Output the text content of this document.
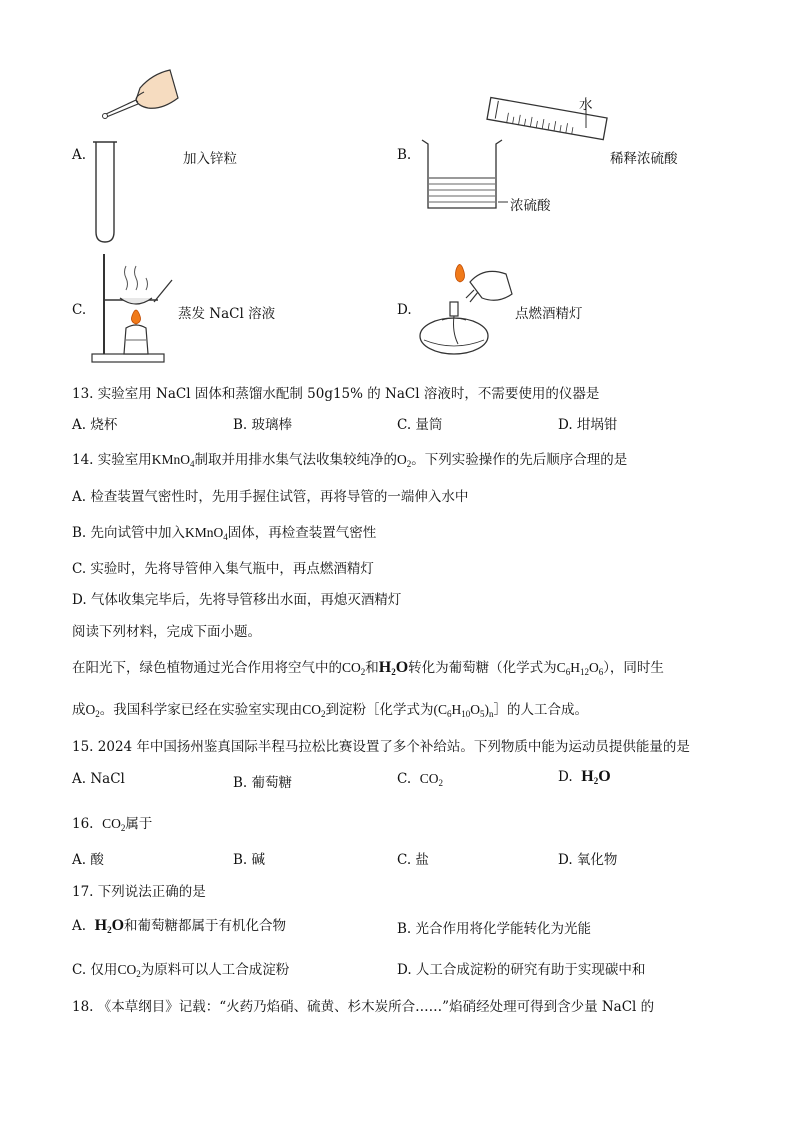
A.	加入锌粒	B.
水
稀释浓硫酸
浓硫酸
C.	蒸发 NaCl 溶液	D.	点燃酒精灯
13. 实验室用 NaCl 固体和蒸馏水配制 50g15% 的 NaCl 溶液时，不需要使用的仪器是
A. 烧杯	B. 玻璃棒	C. 量筒	D. 坩埚钳
14. 实验室用KMnO$_4$制取并用排水集气法收集较纯净的$O_2$。下列实验操作的先后顺序合理的是
A. 检查装置气密性时，先用手握住试管，再将导管的一端伸入水中
B. 先向试管中加入KMnO$_4$固体，再检查装置气密性
C. 实验时，先将导管伸入集气瓶中，再点燃酒精灯
D. 气体收集完毕后，先将导管移出水面，再熄灭酒精灯
阅读下列材料，完成下面小题。
在阳光下，绿色植物通过光合作用将空气中的$CO_2$和$H_2O$转化为葡萄糖（化学式为$C_6H_{12}O_6$），同时生
成$O_2$。我国科学家已经在实验室实现由$CO_2$到淀粉［化学式为$(C_6H_{10}O_5)_n]$的人工合成。
15. 2024 年中国扬州鉴真国际半程马拉松比赛设置了多个补给站。下列物质中能为运动员提供能量的是
A. NaCl	B. 葡萄糖	C. $CO_2$	D. $H_2O$
16. $CO_2$属于
A. 酸	B. 碱	C. 盐	D. 氧化物
17. 下列说法正确的是
A. $H_2O$和葡萄糖都属于有机化合物	B. 光合作用将化学能转化为光能
C. 仅用$CO_2$为原料可以人工合成淀粉	D. 人工合成淀粉的研究有助于实现碳中和
18. 《本草纲目》记载：“火药乃焰硝、硫黄、杉木炭所合……”焰硝经处理可得到含少量 NaCl 的
